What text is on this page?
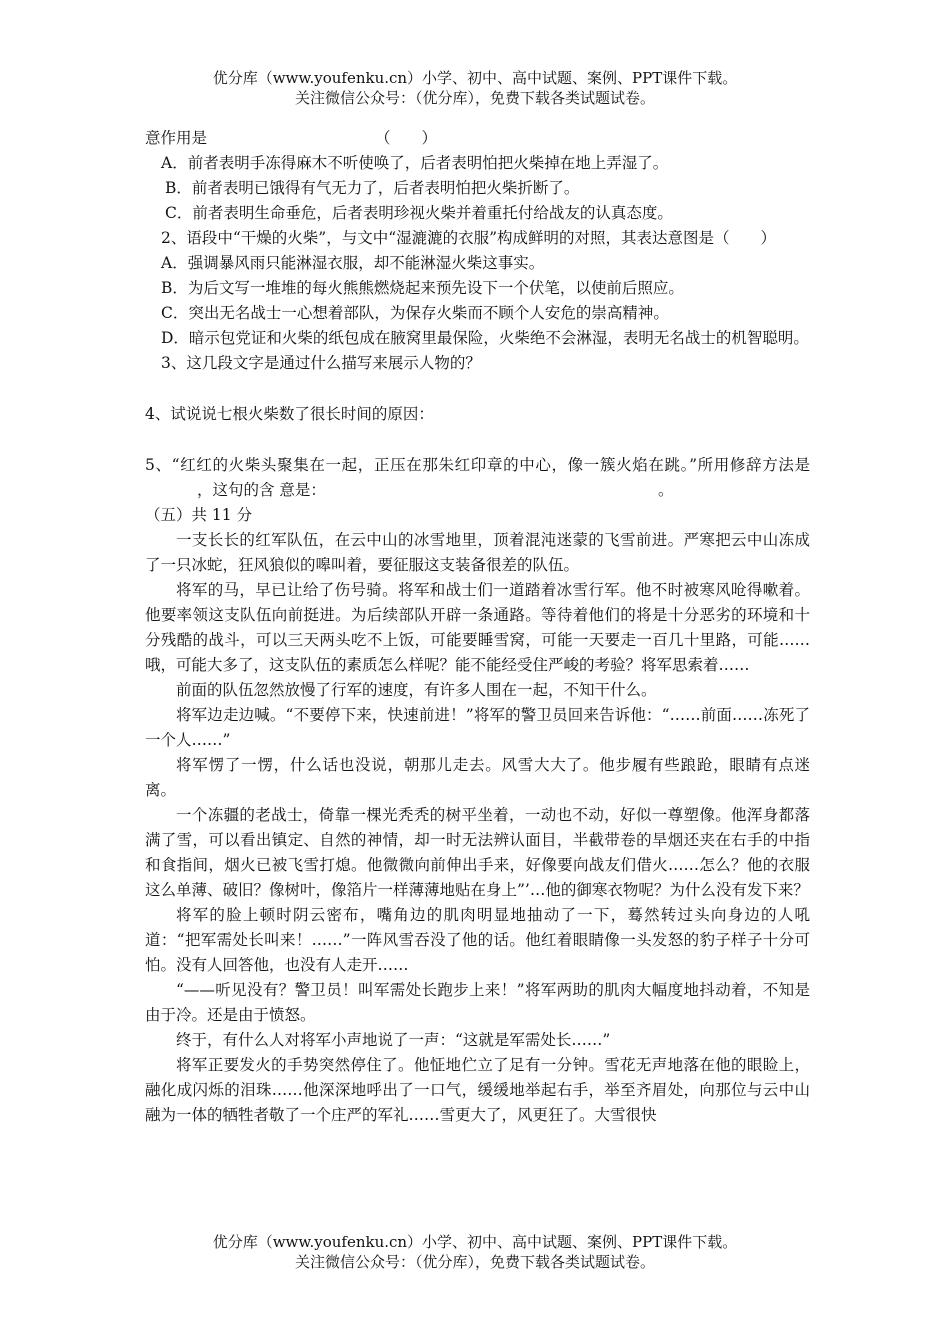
优分库（www.youfenku.cn）小学、初中、高中试题、案例、PPT课件下载。
关注微信公众号：（优分库），免费下载各类试题试卷。

意作用是	（　　）

A．前者表明手冻得麻木不听使唤了，后者表明怕把火柴掉在地上弄湿了。

B．前者表明已饿得有气无力了，后者表明怕把火柴折断了。

C．前者表明生命垂危，后者表明珍视火柴并着重托付给战友的认真态度。

2、语段中“干燥的火柴”，与文中“湿漉漉的衣服”构成鲜明的对照，其表达意图是（　　）

A．强调暴风雨只能淋湿衣服，却不能淋湿火柴这事实。

B．为后文写一堆堆的每火熊熊燃烧起来预先设下一个伏笔，以使前后照应。

C．突出无名战士一心想着部队，为保存火柴而不顾个人安危的崇高精神。

D．暗示包党证和火柴的纸包成在腋窝里最保险，火柴绝不会淋湿，表明无名战士的机智聪明。

3、这几段文字是通过什么描写来展示人物的？

4、试说说七根火柴数了很长时间的原因：

5、“红红的火柴头聚集在一起，正压在那朱红印章的中心，像一簇火焰在跳。”所用修辞方法是，这句的含 意是：	。

（五）共 11 分

一支长长的红军队伍，在云中山的冰雪地里，顶着混沌迷蒙的飞雪前进。严寒把云中山冻成了一只冰蛇，狂风狼似的嗥叫着，要征服这支装备很差的队伍。

将军的马，早已让给了伤号骑。将军和战士们一道踏着冰雪行军。他不时被寒风呛得嗽着。他要率领这支队伍向前挺进。为后续部队开辟一条通路。等待着他们的将是十分恶劣的环境和十分残酷的战斗，可以三天两头吃不上饭，可能要睡雪窝，可能一天要走一百几十里路，可能……哦，可能大多了，这支队伍的素质怎么样呢？能不能经受住严峻的考验？将军思索着……

前面的队伍忽然放慢了行军的速度，有许多人围在一起，不知干什么。

将军边走边喊。“不要停下来，快速前进！”将军的警卫员回来告诉他：“……前面……冻死了一个人……”

将军愣了一愣，什么话也没说，朝那儿走去。风雪大大了。他步履有些踉跄，眼睛有点迷离。

一个冻疆的老战士，倚靠一棵光秃秃的树平坐着，一动也不动，好似一尊塑像。他浑身都落满了雪，可以看出镇定、自然的神情，却一时无法辨认面目，半截带卷的旱烟还夹在右手的中指和食指间，烟火已被飞雪打熄。他微微向前伸出手来，好像要向战友们借火……怎么？他的衣服这么单薄、破旧？像树叶，像箔片一样薄薄地贴在身上”’…他的御寒衣物呢？为什么没有发下来？

将军的脸上顿时阴云密布，嘴角边的肌肉明显地抽动了一下，蓦然转过头向身边的人吼道：“把军需处长叫来！……”一阵风雪吞没了他的话。他红着眼睛像一头发怒的豹子样子十分可怕。没有人回答他，也没有人走开……

“——听见没有？警卫员！叫军需处长跑步上来！”将军两助的肌肉大幅度地抖动着，不知是由于冷。还是由于愤怒。

终于，有什么人对将军小声地说了一声：“这就是军需处长……”

将军正要发火的手势突然停住了。他怔地伫立了足有一分钟。雪花无声地落在他的眼睑上，融化成闪烁的泪珠……他深深地呼出了一口气，缓缓地举起右手，举至齐眉处，向那位与云中山融为一体的牺牲者敬了一个庄严的军礼……雪更大了，风更狂了。大雪很快

优分库（www.youfenku.cn）小学、初中、高中试题、案例、PPT课件下载。
关注微信公众号：（优分库），免费下载各类试题试卷。
